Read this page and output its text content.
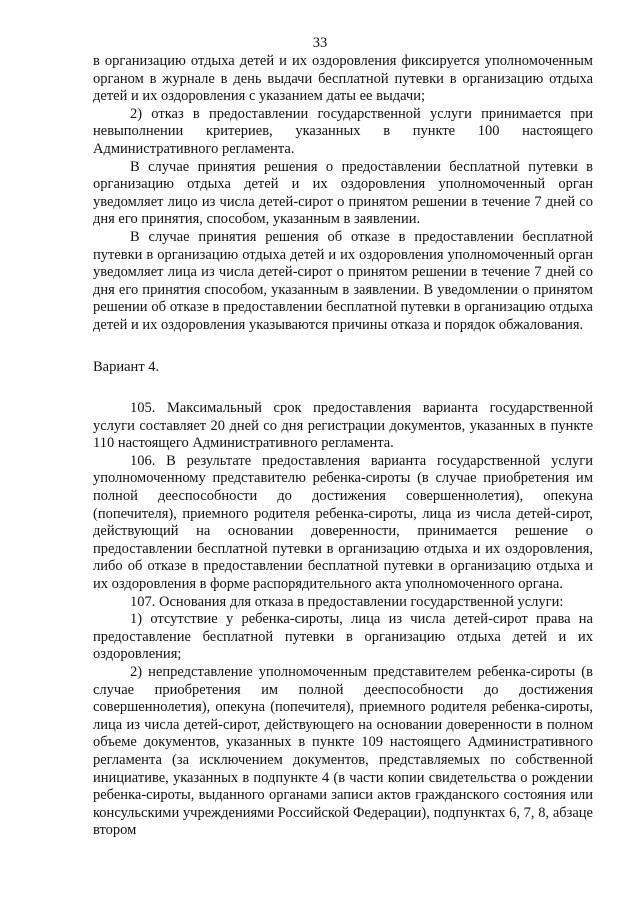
33

в организацию отдыха детей и их оздоровления фиксируется уполномоченным органом в журнале в день выдачи бесплатной путевки в организацию отдыха детей и их оздоровления с указанием даты ее выдачи;

2) отказ в предоставлении государственной услуги принимается при невыполнении критериев, указанных в пункте 100 настоящего Административного регламента.

В случае принятия решения о предоставлении бесплатной путевки в организацию отдыха детей и их оздоровления уполномоченный орган уведомляет лицо из числа детей-сирот о принятом решении в течение 7 дней со дня его принятия, способом, указанным в заявлении.

В случае принятия решения об отказе в предоставлении бесплатной путевки в организацию отдыха детей и их оздоровления уполномоченный орган уведомляет лица из числа детей-сирот о принятом решении в течение 7 дней со дня его принятия способом, указанным в заявлении. В уведомлении о принятом решении об отказе в предоставлении бесплатной путевки в организацию отдыха детей и их оздоровления указываются причины отказа и порядок обжалования.

Вариант 4.

105. Максимальный срок предоставления варианта государственной услуги составляет 20 дней со дня регистрации документов, указанных в пункте 110 настоящего Административного регламента.

106. В результате предоставления варианта государственной услуги уполномоченному представителю ребенка-сироты (в случае приобретения им полной дееспособности до достижения совершеннолетия), опекуна (попечителя), приемного родителя ребенка-сироты, лица из числа детей-сирот, действующий на основании доверенности, принимается решение о предоставлении бесплатной путевки в организацию отдыха и их оздоровления, либо об отказе в предоставлении бесплатной путевки в организацию отдыха и их оздоровления в форме распорядительного акта уполномоченного органа.

107. Основания для отказа в предоставлении государственной услуги:

1) отсутствие у ребенка-сироты, лица из числа детей-сирот права на предоставление бесплатной путевки в организацию отдыха детей и их оздоровления;

2) непредставление уполномоченным представителем ребенка-сироты (в случае приобретения им полной дееспособности до достижения совершеннолетия), опекуна (попечителя), приемного родителя ребенка-сироты, лица из числа детей-сирот, действующего на основании доверенности в полном объеме документов, указанных в пункте 109 настоящего Административного регламента (за исключением документов, представляемых по собственной инициативе, указанных в подпункте 4 (в части копии свидетельства о рождении ребенка-сироты, выданного органами записи актов гражданского состояния или консульскими учреждениями Российской Федерации), подпунктах 6, 7, 8, абзаце втором
